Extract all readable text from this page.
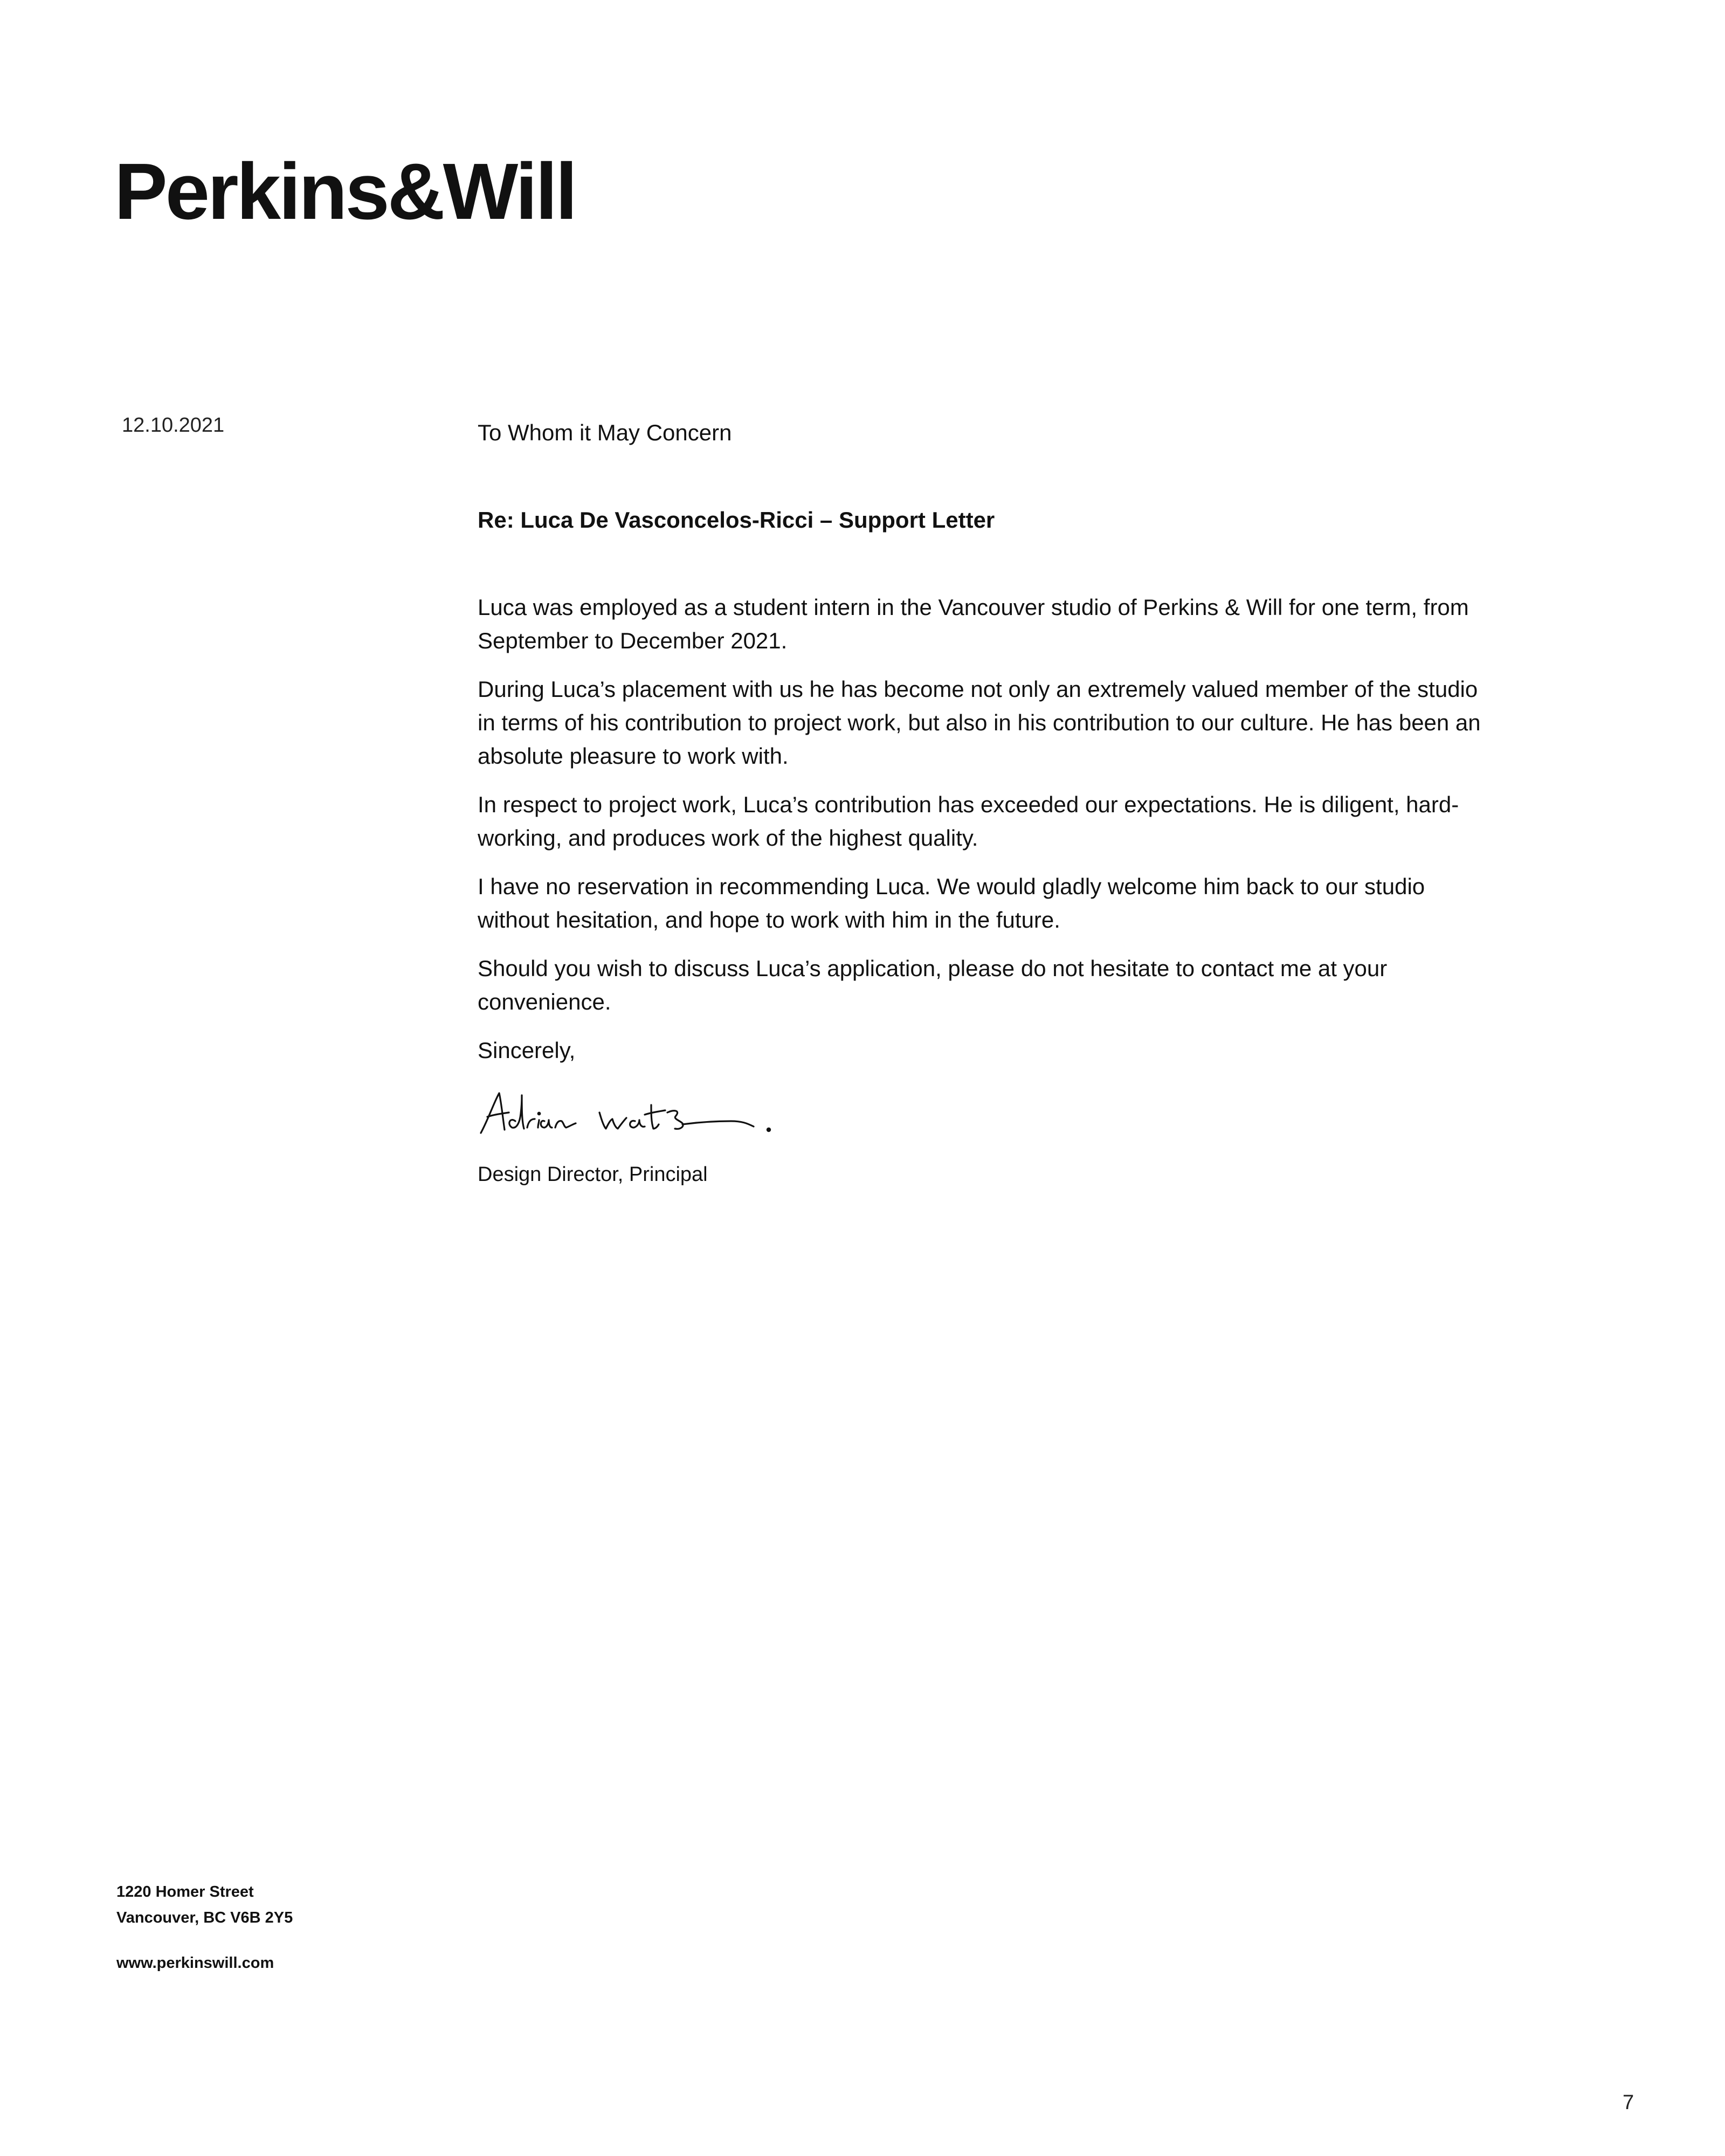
Perkins&Will
12.10.2021	To Whom it May Concern

Re: Luca De Vasconcelos-Ricci – Support Letter

Luca was employed as a student intern in the Vancouver studio of Perkins & Will for one term, from September to December 2021.

During Luca’s placement with us he has become not only an extremely valued member of the studio in terms of his contribution to project work, but also in his contribution to our culture. He has been an absolute pleasure to work with.

In respect to project work, Luca’s contribution has exceeded our expectations. He is diligent, hard-working, and produces work of the highest quality.

I have no reservation in recommending Luca. We would gladly welcome him back to our studio without hesitation, and hope to work with him in the future.

Should you wish to discuss Luca’s application, please do not hesitate to contact me at your convenience.

Sincerely,

Design Director, Principal
1220 Homer Street
Vancouver, BC V6B 2Y5
www.perkinswill.com
7
